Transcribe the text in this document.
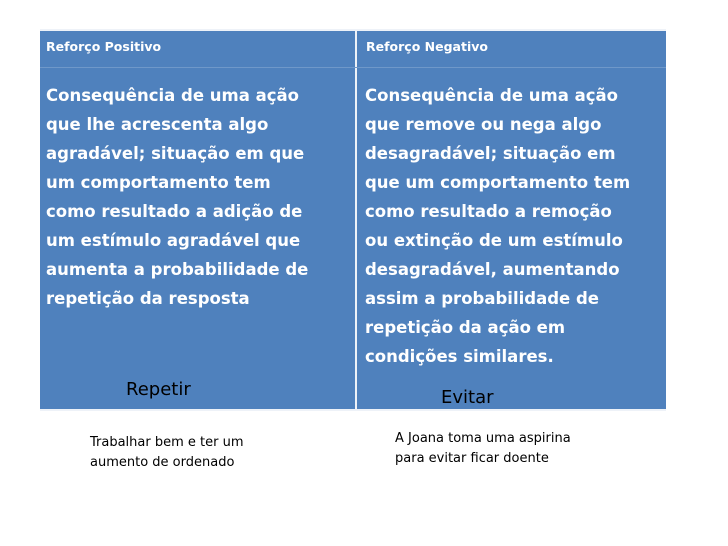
Reforço Positivo	Reforço Negativo
Consequência de uma ação
que lhe acrescenta algo
agradável; situação em que
um comportamento tem
como resultado a adição de
um estímulo agradável que
aumenta a probabilidade de
repetição da resposta
Consequência de uma ação
que remove ou nega algo
desagradável; situação em
que um comportamento tem
como resultado a remoção
ou extinção de um estímulo
desagradável, aumentando
assim a probabilidade de
repetição da ação em
condições similares.
Repetir	Evitar
Trabalhar bem e ter um
aumento de ordenado
A Joana toma uma aspirina
para evitar ficar doente
